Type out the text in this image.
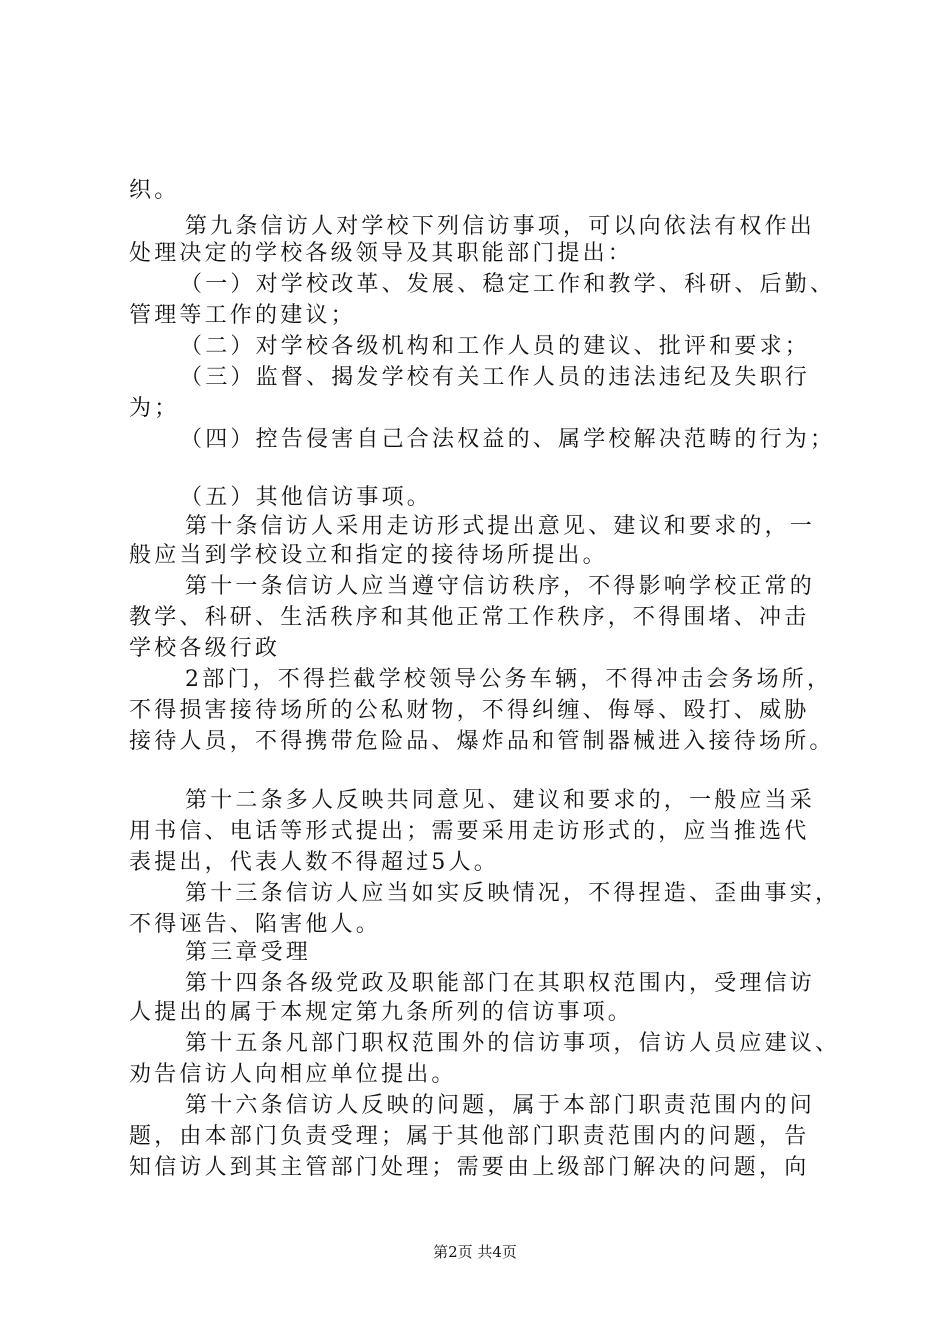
织。
第九条信访人对学校下列信访事项，可以向依法有权作出
处理决定的学校各级领导及其职能部门提出：
（一）对学校改革、发展、稳定工作和教学、科研、后勤、
管理等工作的建议；
（二）对学校各级机构和工作人员的建议、批评和要求；
（三）监督、揭发学校有关工作人员的违法违纪及失职行
为；
（四）控告侵害自己合法权益的、属学校解决范畴的行为；
（五）其他信访事项。
第十条信访人采用走访形式提出意见、建议和要求的，一
般应当到学校设立和指定的接待场所提出。
第十一条信访人应当遵守信访秩序，不得影响学校正常的
教学、科研、生活秩序和其他正常工作秩序，不得围堵、冲击
学校各级行政
2部门，不得拦截学校领导公务车辆，不得冲击会务场所，
不得损害接待场所的公私财物，不得纠缠、侮辱、殴打、威胁
接待人员，不得携带危险品、爆炸品和管制器械进入接待场所。
第十二条多人反映共同意见、建议和要求的，一般应当采
用书信、电话等形式提出；需要采用走访形式的，应当推选代
表提出，代表人数不得超过5人。
第十三条信访人应当如实反映情况，不得捏造、歪曲事实，
不得诬告、陷害他人。
第三章受理
第十四条各级党政及职能部门在其职权范围内，受理信访
人提出的属于本规定第九条所列的信访事项。
第十五条凡部门职权范围外的信访事项，信访人员应建议、
劝告信访人向相应单位提出。
第十六条信访人反映的问题，属于本部门职责范围内的问
题，由本部门负责受理；属于其他部门职责范围内的问题，告
知信访人到其主管部门处理；需要由上级部门解决的问题，向
第2页 共4页
